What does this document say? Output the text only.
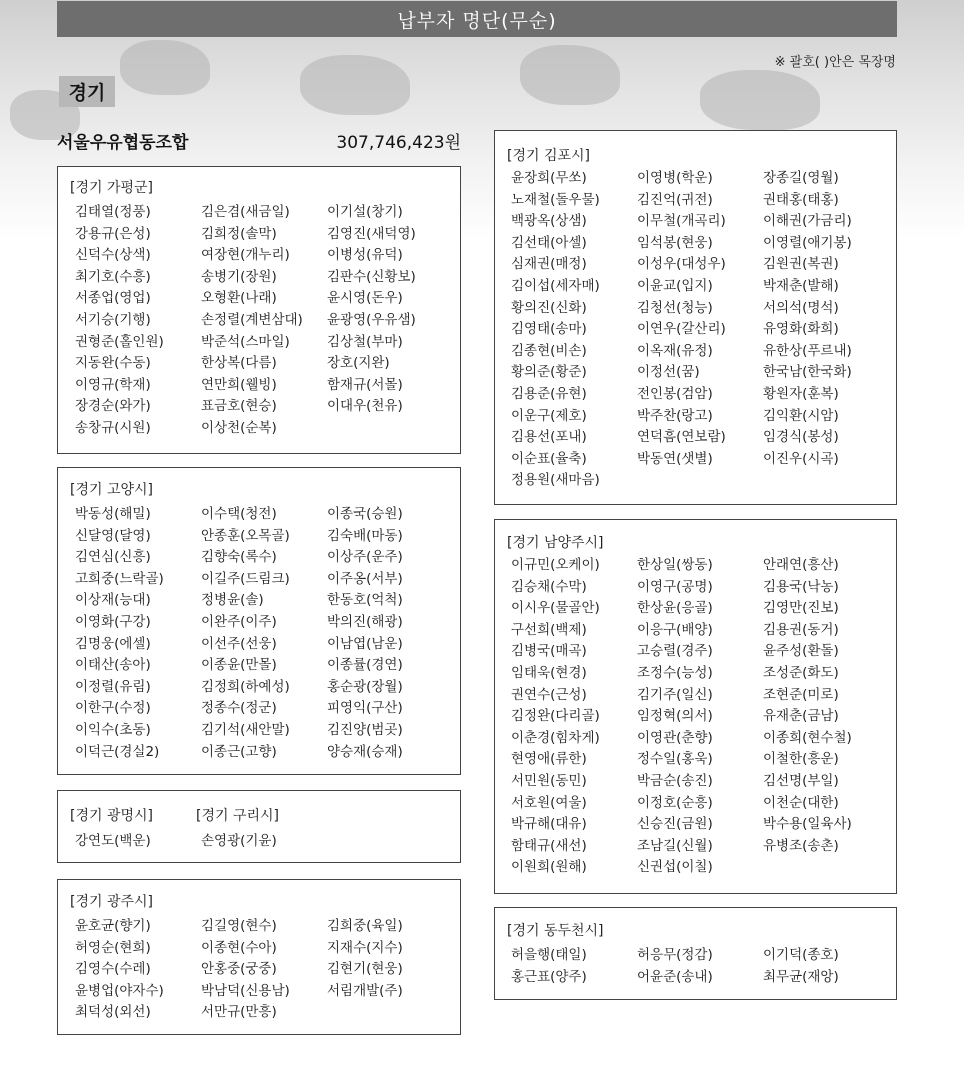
납부자 명단(무순)
※ 괄호( )안은 목장명
경기
서울우유협동조합	307,746,423원
[경기 가평군]
김태열(정풍)	김은겸(새금일)	이기설(창기)
강용규(은성)	김희정(솔막)	김영진(새덕영)
신덕수(상색)	여장현(개누리)	이병성(유덕)
최기호(수흥)	송병기(장원)	김판수(신황보)
서종업(영업)	오형환(나래)	윤시영(돈우)
서기승(기행)	손정렬(계변삼대)	윤광영(우유샘)
권형준(홀인원)	박준석(스마일)	김상철(부마)
지동완(수동)	한상복(다름)	장호(지완)
이영규(학재)	연만희(웰빙)	함재규(서몰)
장경순(와가)	표금호(현승)	이대우(천유)
송창규(시원)	이상천(순복)
[경기 고양시]
박동성(해밀)	이수택(청전)	이종국(승원)
신달영(달영)	안종훈(오목골)	김숙배(마동)
김연심(신흥)	김향숙(록수)	이상주(운주)
고희중(느락골)	이길주(드림크)	이주옹(서부)
이상재(능대)	정병윤(솔)	한동호(억척)
이영화(구강)	이완주(이주)	박의진(해광)
김명웅(에셀)	이선주(선웅)	이남엽(남운)
이태산(송아)	이종윤(만몰)	이종률(경연)
이정렬(유림)	김정희(하예성)	홍순광(장월)
이한구(수정)	정종수(정군)	피영익(구산)
이익수(초동)	김기석(새안말)	김진양(범곳)
이덕근(경실2)	이종근(고향)	양승재(승재)
[경기 광명시]	[경기 구리시]
강연도(백운)	손영광(기윤)
[경기 광주시]
윤호균(향기)	김길영(현수)	김희중(육일)
허영순(현희)	이종현(수아)	지재수(지수)
김영수(수레)	안홍중(궁중)	김현기(현웅)
윤병업(야자수)	박남덕(신용남)	서림개발(주)
최덕성(외선)	서만규(만흥)
[경기 김포시]
윤장희(무쏘)	이영병(학운)	장종길(영월)
노재철(돌우물)	김진억(귀전)	권태홍(태홍)
백광옥(상샘)	이무철(개곡리)	이해권(가금리)
김선태(아셀)	임석봉(현웅)	이영렬(애기봉)
심재권(매정)	이성우(대성우)	김원권(복권)
김이섭(세자매)	이윤교(입지)	박재춘(발해)
황의진(신화)	김청선(청능)	서의석(명석)
김영태(송마)	이연우(갈산리)	유영화(화희)
김종현(비손)	이옥재(유정)	유한상(푸르내)
황의준(황준)	이정선(꿈)	한국남(한국화)
김용준(유현)	전인봉(검암)	황원자(훈복)
이운구(제호)	박주찬(랑고)	김익환(시암)
김용선(포내)	연덕흠(연보람)	임경식(봉성)
이순표(율축)	박동연(샛별)	이진우(시곡)
정용원(새마음)
[경기 남양주시]
이규민(오케이)	한상일(쌍동)	안래연(흥산)
김승채(수막)	이영구(공명)	김용국(낙농)
이시우(물골안)	한상윤(응골)	김영만(진보)
구선희(백제)	이응구(배양)	김용권(동거)
김병국(매곡)	고승렬(경주)	윤주성(환돌)
임태욱(현경)	조정수(능성)	조성준(화도)
권연수(근성)	김기주(일신)	조현준(미로)
김정완(다리골)	임정혁(의서)	유재춘(금남)
이춘경(힘차게)	이영관(춘향)	이종희(현수철)
현영애(류한)	정수일(홍욱)	이철한(흥운)
서민원(동민)	박금순(송진)	김선명(부일)
서호원(여울)	이정호(순흥)	이천순(대한)
박규해(대유)	신승진(금원)	박수용(일육사)
함태규(새선)	조남길(신월)	유병조(송촌)
이원희(원해)	신권섭(이칠)
[경기 동두천시]
허을행(태일)	허응무(정감)	이기덕(종호)
홍근표(양주)	어윤준(송내)	최무균(재앙)
